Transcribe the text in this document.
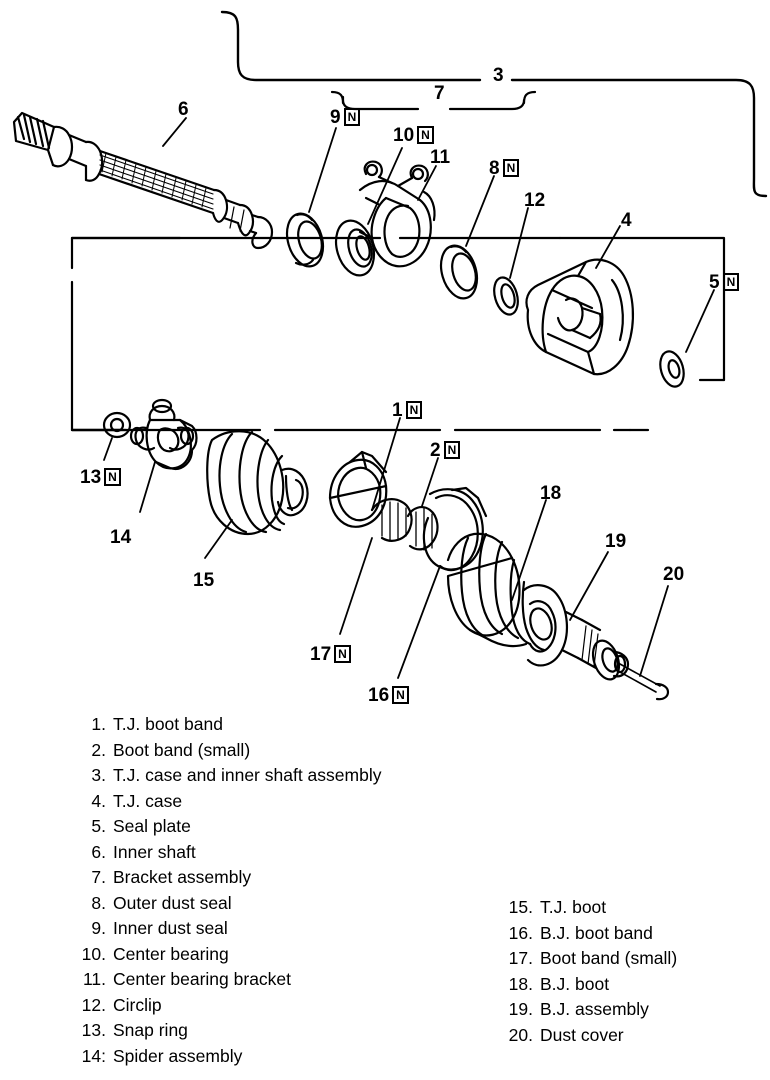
3
7
6	9 N
10 N
11
8 N
12
4
5 N
1 N
2 N
13 N
18
14	19
15	20
17 N
16 N
1. T.J. boot band
2. Boot band (small)
3. T.J. case and inner shaft assembly
4. T.J. case
5. Seal plate
6. Inner shaft
7. Bracket assembly
8. Outer dust seal
9. Inner dust seal
10. Center bearing
11. Center bearing bracket
12. Circlip
13. Snap ring
14: Spider assembly
15. T.J. boot
16. B.J. boot band
17. Boot band (small)
18. B.J. boot
19. B.J. assembly
20. Dust cover
